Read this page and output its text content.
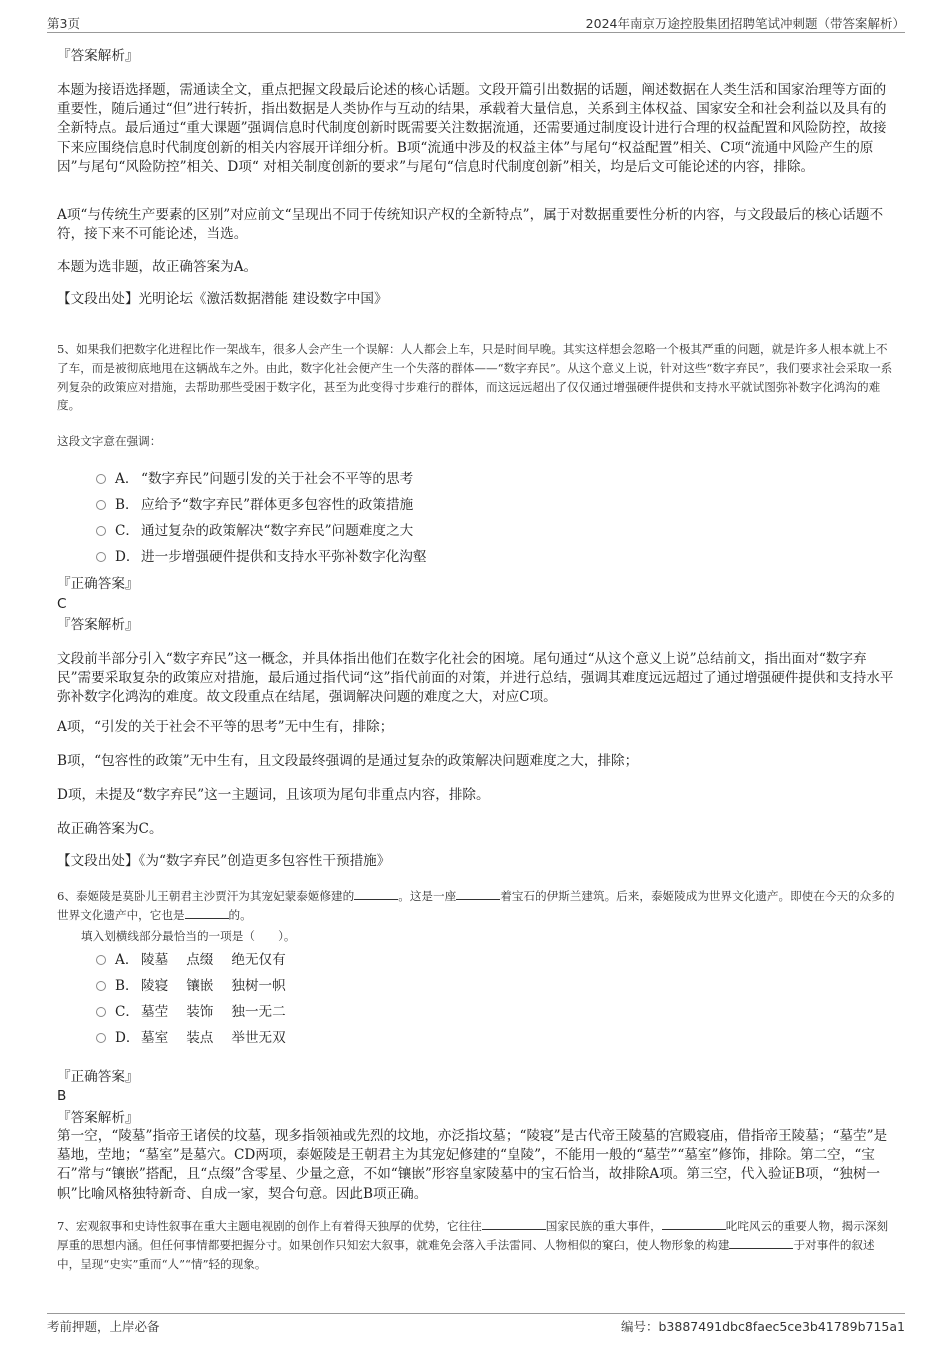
第3页	2024年南京万途控股集团招聘笔试冲刺题（带答案解析）
『答案解析』
本题为接语选择题，需通读全文，重点把握文段最后论述的核心话题。文段开篇引出数据的话题，阐述数据在人类生活和国家治理等方面的重要性，随后通过“但”进行转折，指出数据是人类协作与互动的结果，承载着大量信息，关系到主体权益、国家安全和社会利益以及具有的全新特点。最后通过“重大课题”强调信息时代制度创新时既需要关注数据流通，还需要通过制度设计进行合理的权益配置和风险防控，故接下来应围绕信息时代制度创新的相关内容展开详细分析。B项“流通中涉及的权益主体”与尾句“权益配置”相关、C项“流通中风险产生的原因”与尾句“风险防控”相关、D项“ 对相关制度创新的要求”与尾句“信息时代制度创新”相关，均是后文可能论述的内容，排除。
A项“与传统生产要素的区别”对应前文“呈现出不同于传统知识产权的全新特点”，属于对数据重要性分析的内容，与文段最后的核心话题不符，接下来不可能论述，当选。
本题为选非题，故正确答案为A。
【文段出处】光明论坛《激活数据潜能 建设数字中国》
5、如果我们把数字化进程比作一架战车，很多人会产生一个误解：人人都会上车，只是时间早晚。其实这样想会忽略一个极其严重的问题，就是许多人根本就上不了车，而是被彻底地甩在这辆战车之外。由此，数字化社会便产生一个失落的群体——“数字弃民”。从这个意义上说，针对这些“数字弃民”，我们要求社会采取一系列复杂的政策应对措施，去帮助那些受困于数字化，甚至为此变得寸步难行的群体，而这远远超出了仅仅通过增强硬件提供和支持水平就试图弥补数字化鸿沟的难度。
这段文字意在强调：
A． “数字弃民”问题引发的关于社会不平等的思考
B． 应给予“数字弃民”群体更多包容性的政策措施
C． 通过复杂的政策解决“数字弃民”问题难度之大
D． 进一步增强硬件提供和支持水平弥补数字化沟壑
『正确答案』
C
『答案解析』
文段前半部分引入“数字弃民”这一概念，并具体指出他们在数字化社会的困境。尾句通过“从这个意义上说”总结前文，指出面对“数字弃民”需要采取复杂的政策应对措施，最后通过指代词“这”指代前面的对策，并进行总结，强调其难度远远超过了通过增强硬件提供和支持水平弥补数字化鸿沟的难度。故文段重点在结尾，强调解决问题的难度之大，对应C项。
A项，“引发的关于社会不平等的思考”无中生有，排除；
B项，“包容性的政策”无中生有，且文段最终强调的是通过复杂的政策解决问题难度之大，排除；
D项，未提及“数字弃民”这一主题词，且该项为尾句非重点内容，排除。
故正确答案为C。
【文段出处】《为“数字弃民”创造更多包容性干预措施》
6、泰姬陵是莫卧儿王朝君主沙贾汗为其宠妃蒙泰姬修建的	。这是一座	着宝石的伊斯兰建筑。后来，泰姬陵成为世界文化遗产。即使在今天的众多的世界文化遗产中，它也是	的。
填入划横线部分最恰当的一项是（　　）。
A． 陵墓 点缀 绝无仅有
B． 陵寝 镶嵌 独树一帜
C． 墓茔 装饰 独一无二
D． 墓室 装点 举世无双
『正确答案』
B
『答案解析』
第一空，“陵墓”指帝王诸侯的坟墓，现多指领袖或先烈的坟地，亦泛指坟墓；“陵寝”是古代帝王陵墓的宫殿寝庙，借指帝王陵墓；“墓茔”是墓地，茔地；“墓室”是墓穴。CD两项，泰姬陵是王朝君主为其宠妃修建的“皇陵”，不能用一般的“墓茔”“墓室”修饰，排除。第二空，“宝石”常与“镶嵌”搭配，且“点缀”含零星、少量之意，不如“镶嵌”形容皇家陵墓中的宝石恰当，故排除A项。第三空，代入验证B项，“独树一帜”比喻风格独特新奇、自成一家，契合句意。因此B项正确。
7、宏观叙事和史诗性叙事在重大主题电视剧的创作上有着得天独厚的优势，它往往	国家民族的重大事件，	叱咤风云的重要人物，揭示深刻厚重的思想内涵。但任何事情都要把握分寸。如果创作只知宏大叙事，就难免会落入手法雷同、人物相似的窠臼，使人物形象的构建	于对事件的叙述中，呈现“史实”重而“人”“情”轻的现象。
考前押题，上岸必备	编号：b3887491dbc8faec5ce3b41789b715a1
